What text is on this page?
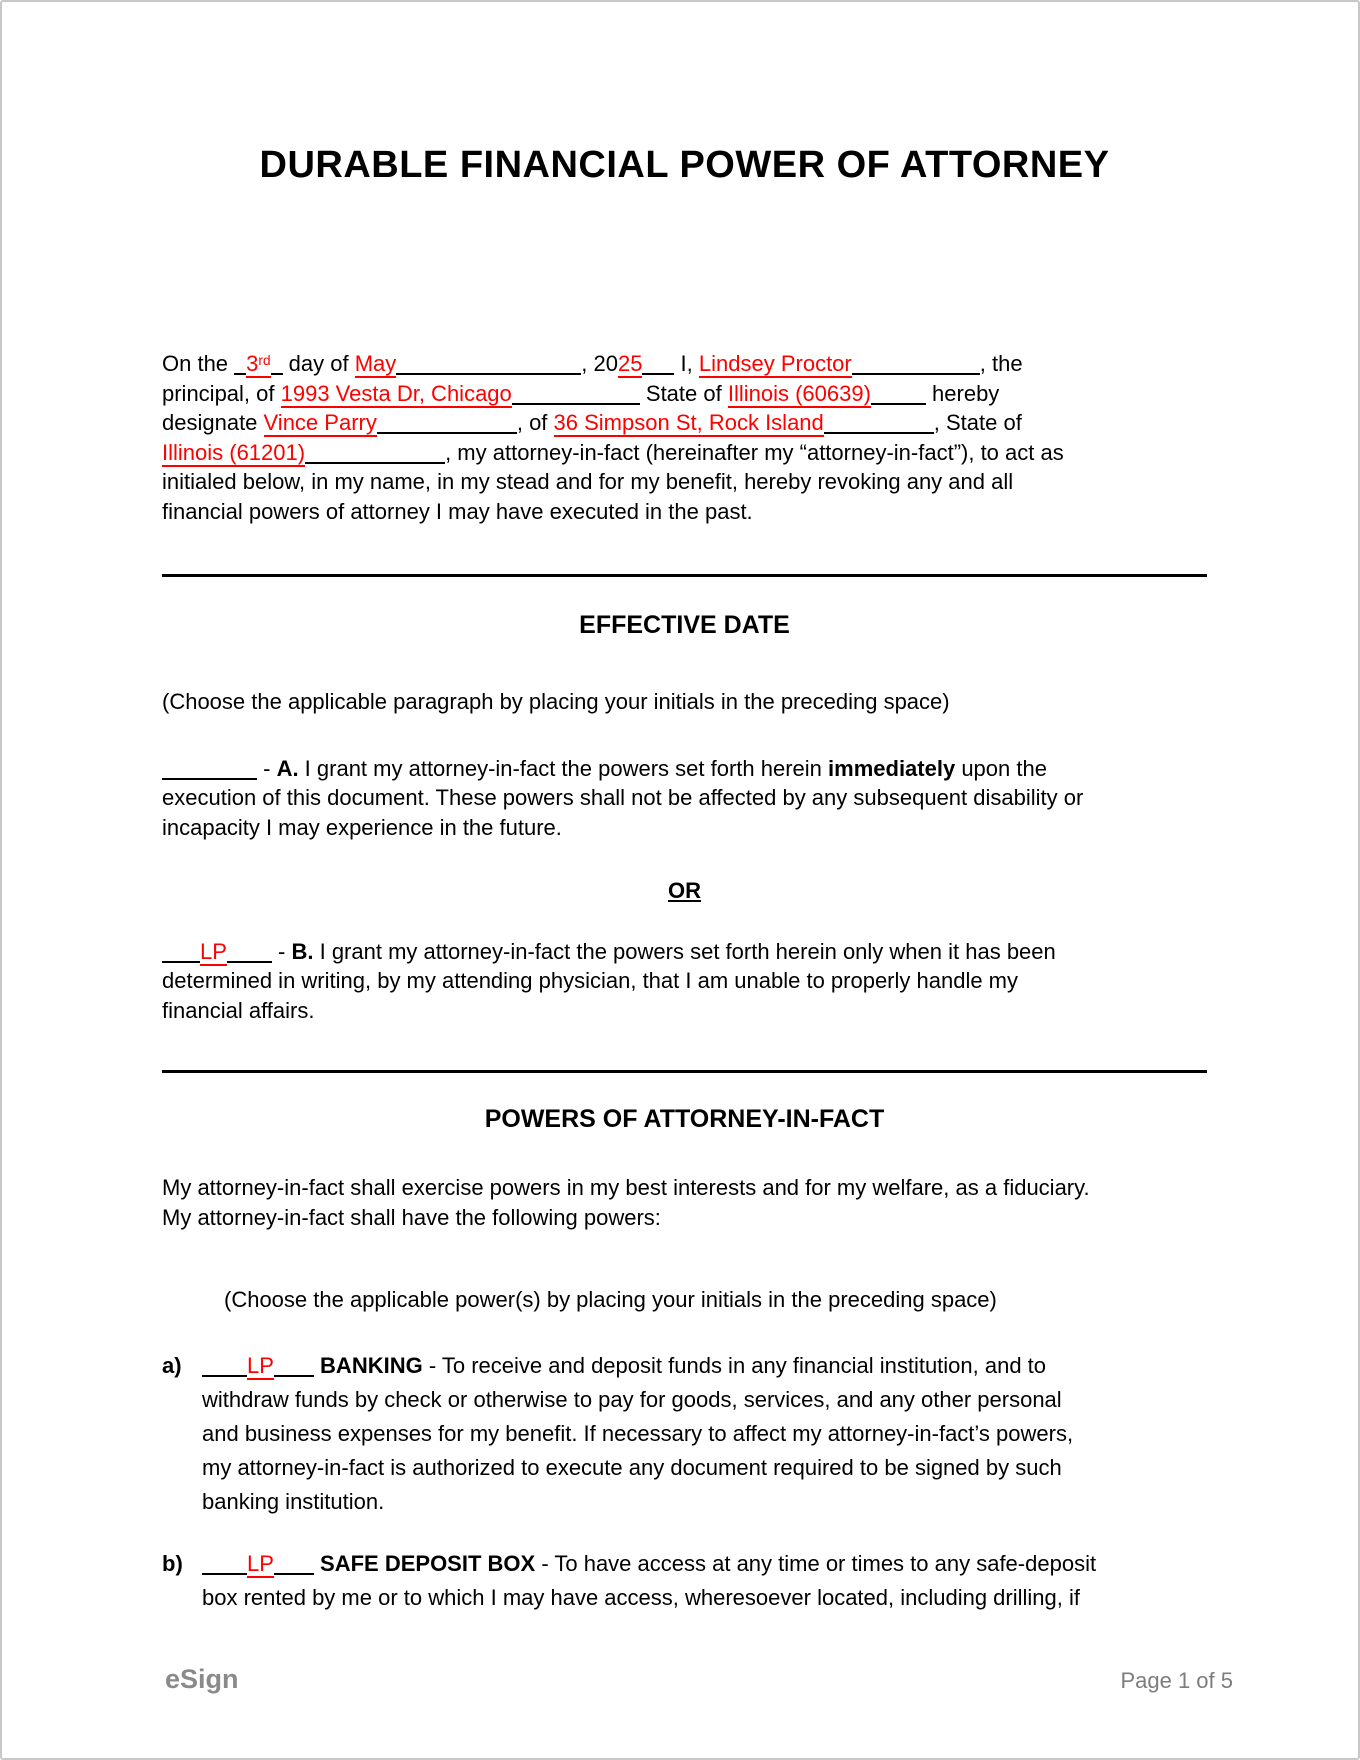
DURABLE FINANCIAL POWER OF ATTORNEY
On the 3rd day of May	, 2025 I, Lindsey Proctor	, the
principal, of 1993 Vesta Dr, Chicago	State of Illinois (60639)	hereby
designate Vince Parry	, of 36 Simpson St, Rock Island	, State of
Illinois (61201)	, my attorney-in-fact (hereinafter my “attorney-in-fact”), to act as
initialed below, in my name, in my stead and for my benefit, hereby revoking any and all
financial powers of attorney I may have executed in the past.
EFFECTIVE DATE
(Choose the applicable paragraph by placing your initials in the preceding space)
- A. I grant my attorney-in-fact the powers set forth herein immediately upon the
execution of this document. These powers shall not be affected by any subsequent disability or
incapacity I may experience in the future.
OR
LP - B. I grant my attorney-in-fact the powers set forth herein only when it has been
determined in writing, by my attending physician, that I am unable to properly handle my
financial affairs.
POWERS OF ATTORNEY-IN-FACT
My attorney-in-fact shall exercise powers in my best interests and for my welfare, as a fiduciary.
My attorney-in-fact shall have the following powers:
(Choose the applicable power(s) by placing your initials in the preceding space)
a)	LP BANKING - To receive and deposit funds in any financial institution, and to
withdraw funds by check or otherwise to pay for goods, services, and any other personal
and business expenses for my benefit. If necessary to affect my attorney-in-fact’s powers,
my attorney-in-fact is authorized to execute any document required to be signed by such
banking institution.
b)	LP SAFE DEPOSIT BOX - To have access at any time or times to any safe-deposit
box rented by me or to which I may have access, wheresoever located, including drilling, if
eSign	Page 1 of 5
